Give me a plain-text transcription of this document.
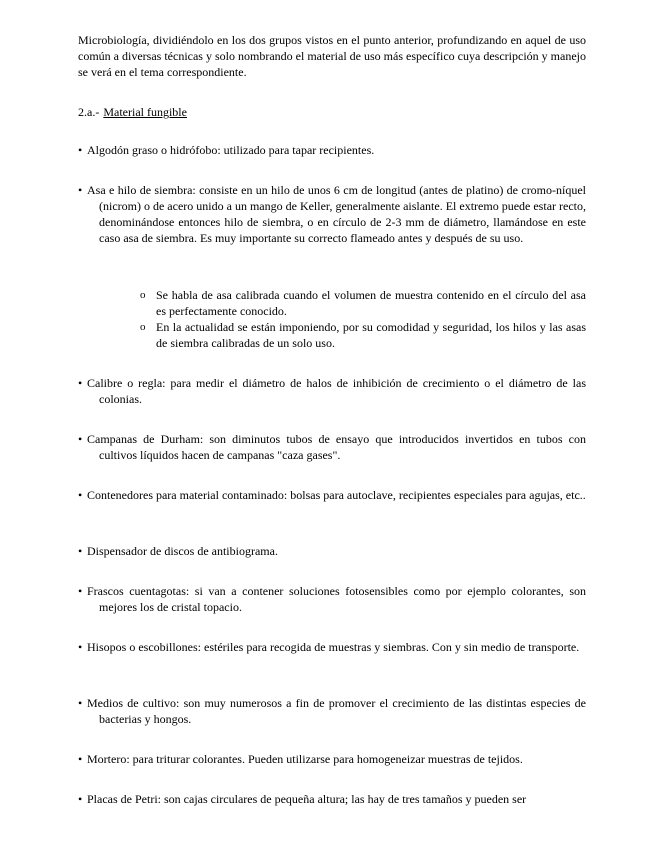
Microbiología, dividiéndolo en los dos grupos vistos en el punto anterior, profundizando en aquel de uso común a diversas técnicas y solo nombrando el material de uso más específico cuya descripción y manejo se verá en el tema correspondiente.

2.a.- Material fungible
• Algodón graso o hidrófobo: utilizado para tapar recipientes.
• Asa e hilo de siembra: consiste en un hilo de unos 6 cm de longitud (antes de platino) de cromo-níquel (nicrom) o de acero unido a un mango de Keller, generalmente aislante. El extremo puede estar recto, denominándose entonces hilo de siembra, o en círculo de 2-3 mm de diámetro, llamándose en este caso asa de siembra. Es muy importante su correcto flameado antes y después de su uso.
o Se habla de asa calibrada cuando el volumen de muestra contenido en el círculo del asa es perfectamente conocido.
o En la actualidad se están imponiendo, por su comodidad y seguridad, los hilos y las asas de siembra calibradas de un solo uso.
• Calibre o regla: para medir el diámetro de halos de inhibición de crecimiento o el diámetro de las colonias.
• Campanas de Durham: son diminutos tubos de ensayo que introducidos invertidos en tubos con cultivos líquidos hacen de campanas "caza gases".
• Contenedores para material contaminado: bolsas para autoclave, recipientes especiales para agujas, etc..
• Dispensador de discos de antibiograma.
• Frascos cuentagotas: si van a contener soluciones fotosensibles como por ejemplo colorantes, son mejores los de cristal topacio.
• Hisopos o escobillones: estériles para recogida de muestras y siembras. Con y sin medio de transporte.
• Medios de cultivo: son muy numerosos a fin de promover el crecimiento de las distintas especies de bacterias y hongos.
• Mortero: para triturar colorantes. Pueden utilizarse para homogeneizar muestras de tejidos.
• Placas de Petri: son cajas circulares de pequeña altura; las hay de tres tamaños y pueden ser
